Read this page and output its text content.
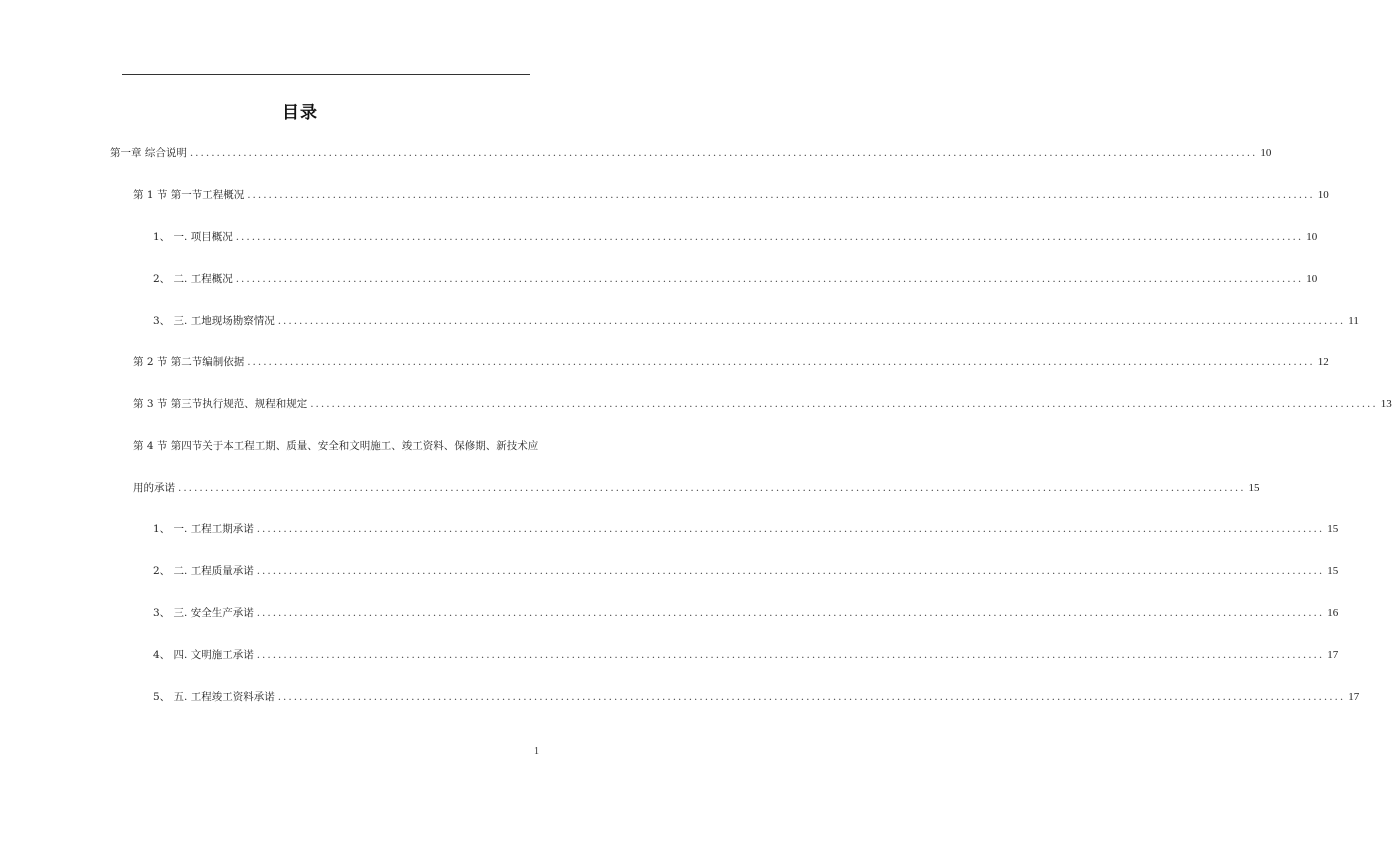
目录
第一章 综合说明 ........................................................................................................................................................................................................ 10
第 1 节 第一节工程概况 ........................................................................................................................................................................................................ 10
1、 一. 项目概况 ........................................................................................................................................................................................................ 10
2、 二. 工程概况 ........................................................................................................................................................................................................ 10
3、 三. 工地现场勘察情况 ........................................................................................................................................................................................................ 11
第 2 节 第二节编制依据 ........................................................................................................................................................................................................ 12
第 3 节 第三节执行规范、规程和规定 ........................................................................................................................................................................................................ 13
第 4 节 第四节关于本工程工期、质量、安全和文明施工、竣工资料、保修期、新技术应
用的承诺 ........................................................................................................................................................................................................ 15
1、 一. 工程工期承诺 ........................................................................................................................................................................................................ 15
2、 二. 工程质量承诺 ........................................................................................................................................................................................................ 15
3、 三. 安全生产承诺 ........................................................................................................................................................................................................ 16
4、 四. 文明施工承诺 ........................................................................................................................................................................................................ 17
5、 五. 工程竣工资料承诺 ........................................................................................................................................................................................................ 17
1
